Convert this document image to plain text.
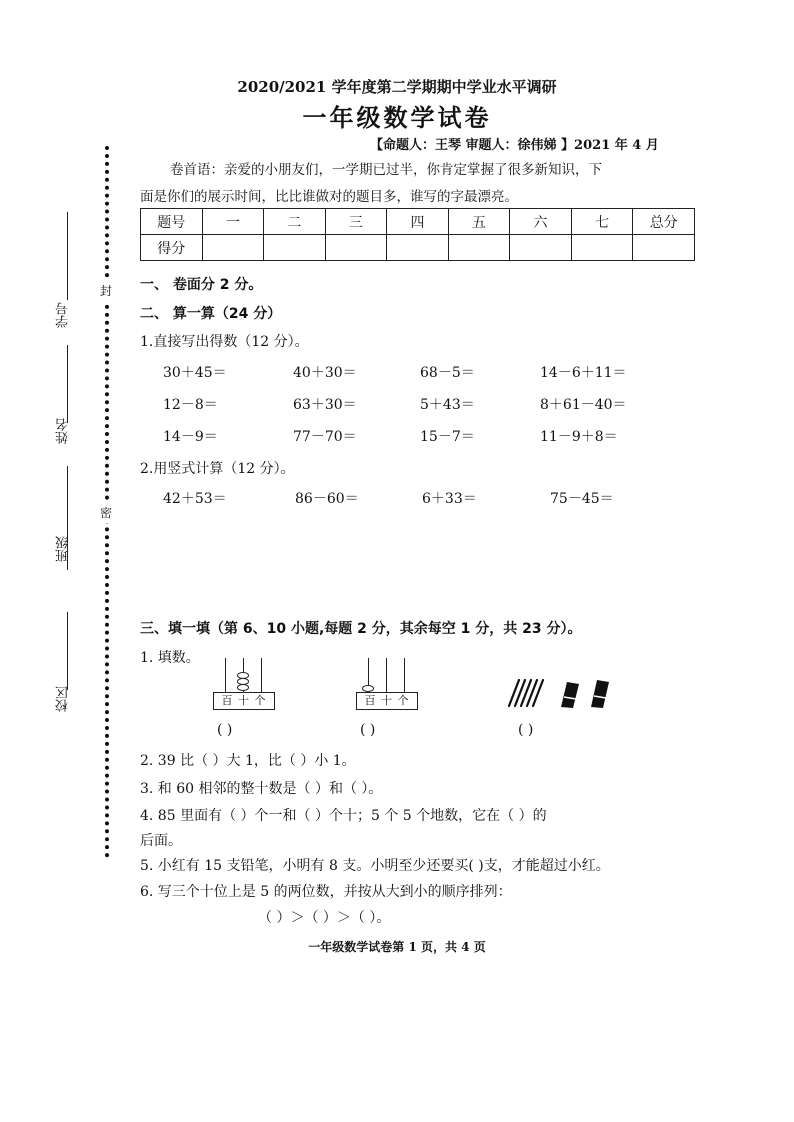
2020/2021 学年度第二学期期中学业水平调研
一年级数学试卷
【命题人：王琴 审题人：徐伟娣 】2021 年 4 月
卷首语：亲爱的小朋友们，一学期已过半，你肯定掌握了很多新知识，下
面是你们的展示时间，比比谁做对的题目多，谁写的字最漂亮。
题号	一	二	三	四	五	六	七	总分
得分								
封
密
学号
姓名
班级
校区
一、 卷面分 2 分。
二、 算一算（24 分）
1.直接写出得数（12 分）。
30＋45＝	40＋30＝	68－5＝	14－6＋11＝
12－8＝	63＋30＝	5＋43＝	8＋61－40＝
14－9＝	77－70＝	15－7＝	11－9＋8＝
2.用竖式计算（12 分）。
42＋53＝	86－60＝	6＋33＝	75－45＝
三、填一填（第 6、10 小题,每题 2 分，其余每空 1 分，共 23 分）。
1. 填数。
百 十 个
( )
百 十 个
( )	( )
2. 39 比（ ）大 1，比（ ）小 1。
3. 和 60 相邻的整十数是（ ）和（ ）。
4. 85 里面有（ ）个一和（ ）个十；5 个 5 个地数，它在（ ）的
后面。
5. 小红有 15 支铅笔，小明有 8 支。小明至少还要买( )支，才能超过小红。
6. 写三个十位上是 5 的两位数，并按从大到小的顺序排列：
（ ）＞（ ）＞（ ）。
一年级数学试卷第 1 页，共 4 页
